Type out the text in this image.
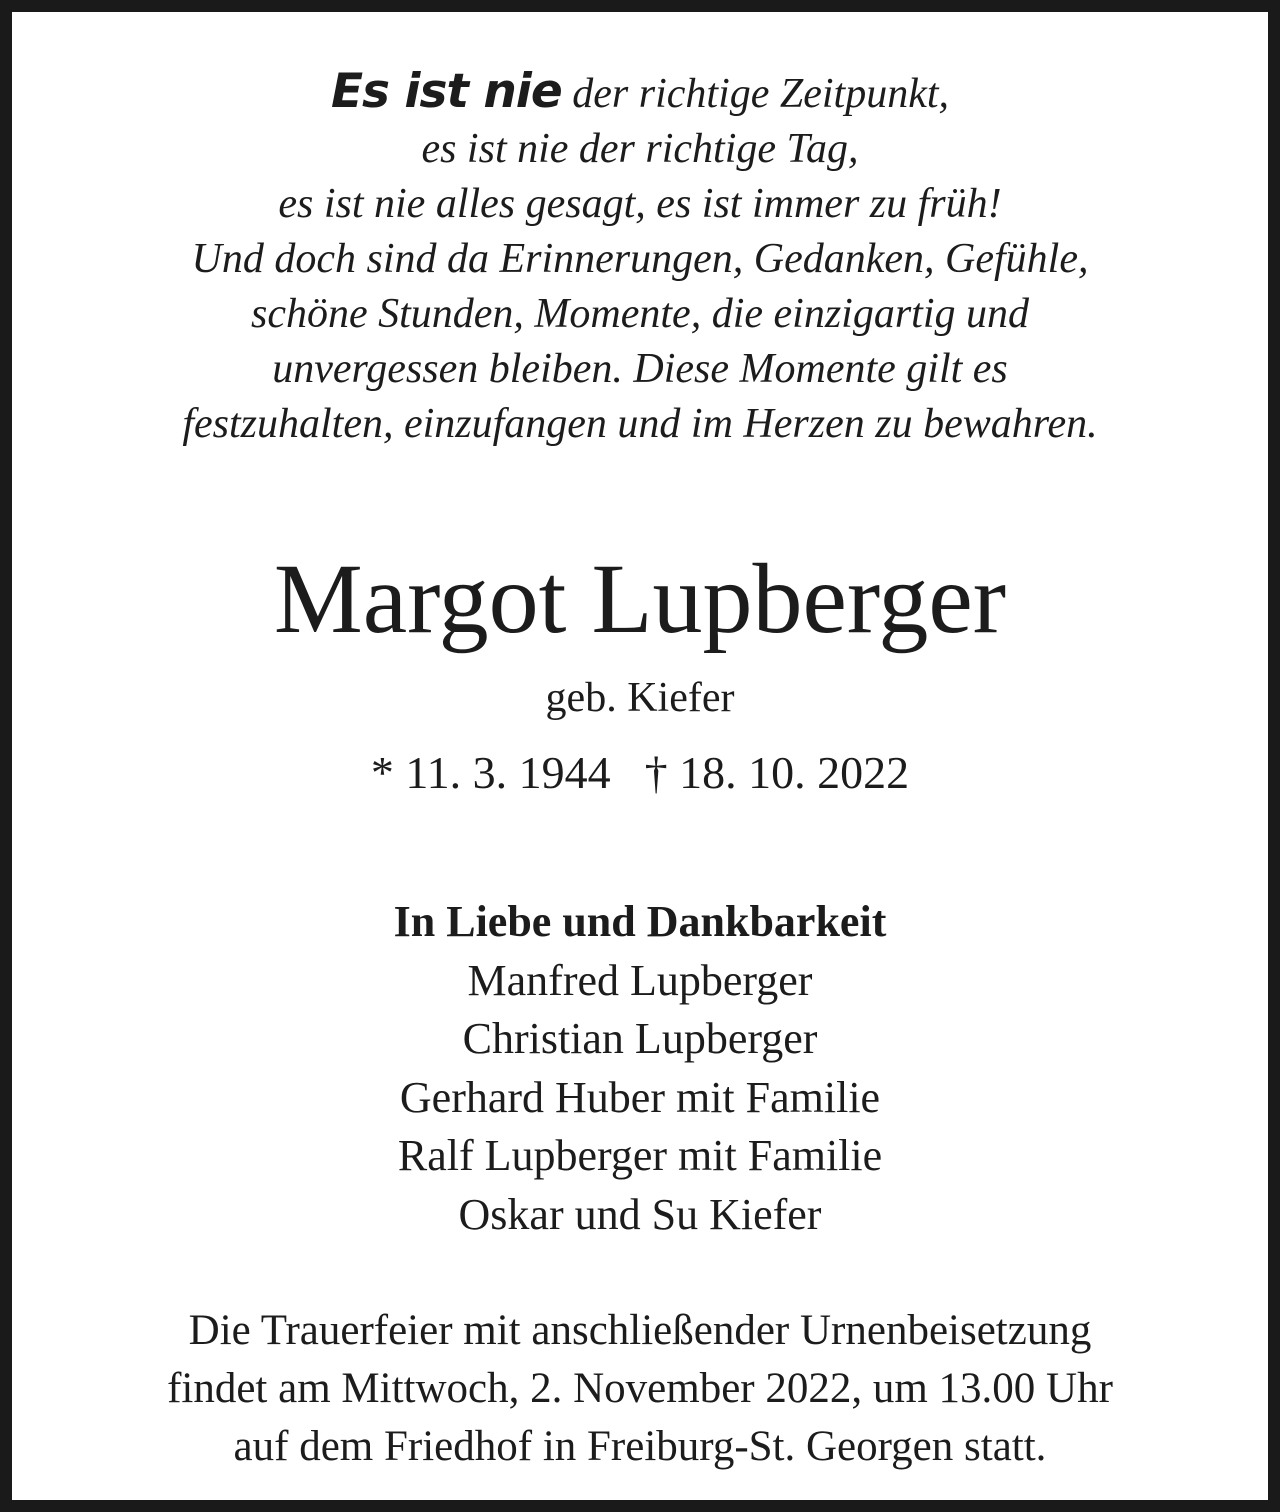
Es ist nie der richtige Zeitpunkt,
es ist nie der richtige Tag,
es ist nie alles gesagt, es ist immer zu früh!
Und doch sind da Erinnerungen, Gedanken, Gefühle,
schöne Stunden, Momente, die einzigartig und
unvergessen bleiben. Diese Momente gilt es
festzuhalten, einzufangen und im Herzen zu bewahren.
Margot Lupberger
geb. Kiefer
* 11. 3. 1944 † 18. 10. 2022
In Liebe und Dankbarkeit
Manfred Lupberger
Christian Lupberger
Gerhard Huber mit Familie
Ralf Lupberger mit Familie
Oskar und Su Kiefer
Die Trauerfeier mit anschließender Urnenbeisetzung
findet am Mittwoch, 2. November 2022, um 13.00 Uhr
auf dem Friedhof in Freiburg-St. Georgen statt.
